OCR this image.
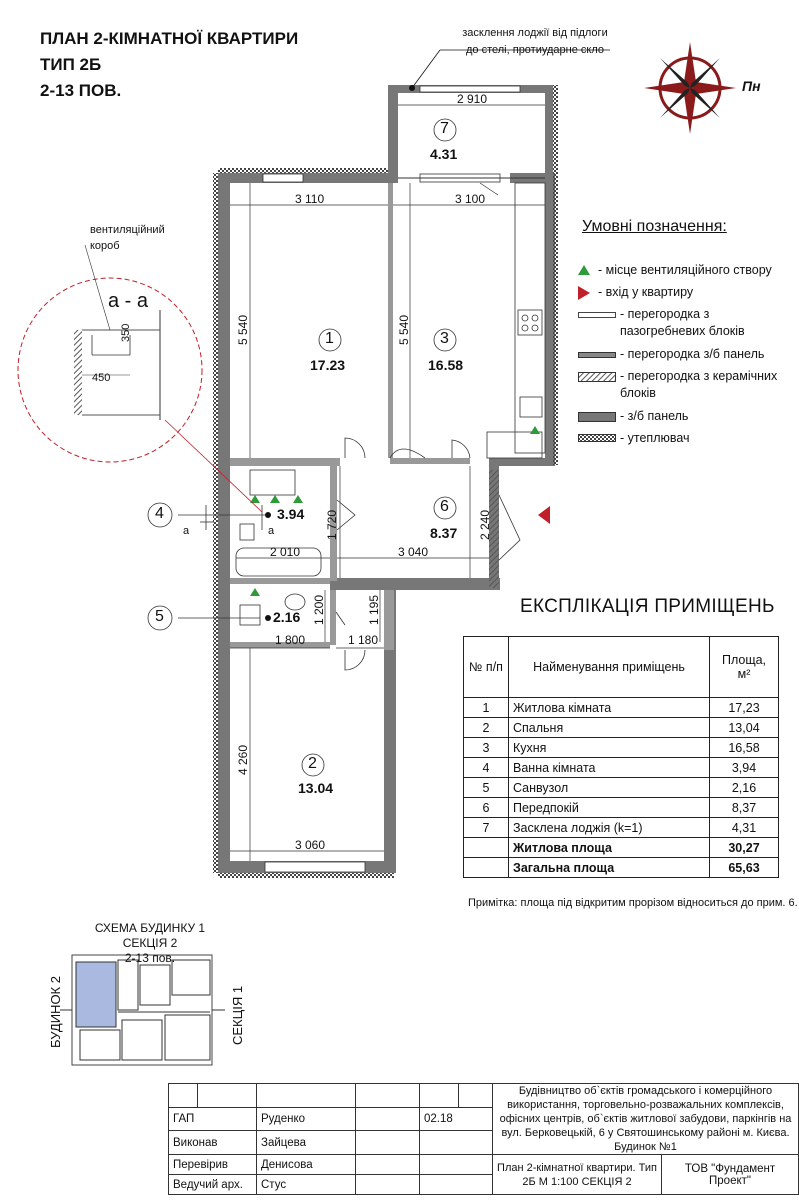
ПЛАН 2-КІМНАТНОЇ КВАРТИРИ
ТИП 2Б
2-13 ПОВ.
засклення лоджії від підлоги
до стелі, протиударне скло
Пн
вентиляційний
короб
а - а
350
450
а	а
7
4.31
1
17.23
3
16.58
6
8.37
2
13.04
4	3.94
5	2.16
2 910
3 110	3 100
5 540	5 540
1 720
2 010	3 040
2 240
1 200
1 800
1 195
1 180
4 260
3 060
Умовні позначення:
- місце вентиляційного створу
- вхід у квартиру
- перегородка з пазогребневих блоків
- перегородка з/б панель
- перегородка з керамічних блоків
- з/б панель
- утеплювач
ЕКСПЛІКАЦІЯ ПРИМІЩЕНЬ
№ п/п	Найменування приміщень	Площа, м²
1	Житлова кімната	17,23
2	Спальня	13,04
3	Кухня	16,58
4	Ванна кімната	3,94
5	Санвузол	2,16
6	Передпокій	8,37
7	Засклена лоджія (k=1)	4,31
	Житлова площа	30,27
	Загальна площа	65,63
Примітка: площа під відкритим прорізом відноситься до прим. 6.
СХЕМА БУДИНКУ 1 СЕКЦІЯ 2
2-13 пов.
БУДИНОК 2	СЕКЦІЯ 1
						Будівництво об`єктів громадського і комерційного використання, торговельно-розважальних комплексів, офісних центрів, об`єктів житлової забудови, паркінгів на вул. Берковецькій, 6 у Святошинському районі м. Києва. Будинок №1	
ГАП		Руденко		02.18			
Виконав		Зайцева					
Перевірив		Денисова				План 2-кімнатної квартири. Тип 2Б М 1:100 СЕКЦІЯ 2	ТОВ "Фундамент Проект"
Ведучий арх.		Стус					
